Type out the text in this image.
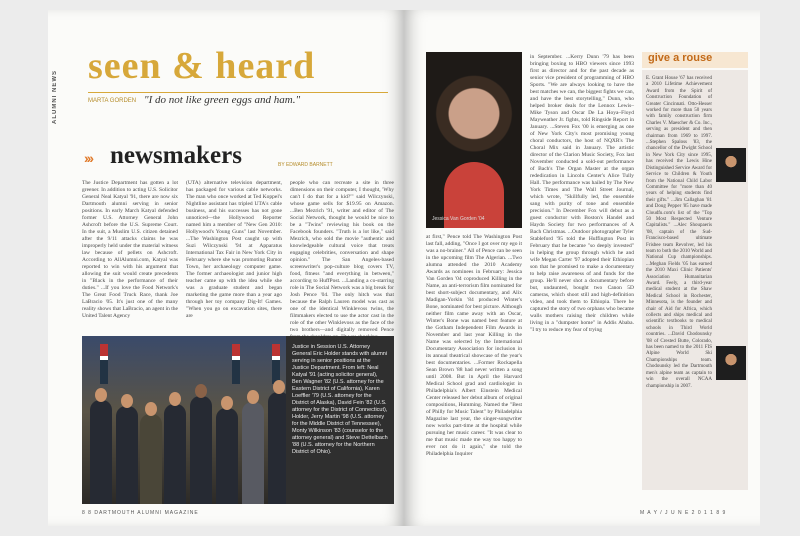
ALUMNI NEWS
seen & heard
MARTA GORDEN "I do not like green eggs and ham."
››› newsmakers	BY EDWARD BARNETT
The Justice Department has gotten a lot greener. In addition to acting U.S. Solicitor General Neal Katyal '91, there are now six Dartmouth alumni serving in senior positions. In early March Katyal defended former U.S. Attorney General John Ashcroft before the U.S. Supreme Court. In the suit, a Muslim U.S. citizen detained after the 9/11 attacks claims he was improperly held under the material witness law because of pellets on Ashcroft. According to AllAlumni.com, Katyal was reported to win with his argument that allowing the suit would create precedents in "Black in the performance of their duties." ...If you love the Food Network's The Great Food Truck Race, thank Joe LaBracio '05. It's just one of the many reality shows that LaBracio, an agent in the United Talent Agency
(UTA) alternative television department, has packaged for various cable networks. The man who once worked at Ted Koppel's Nightline assistant has tripled UTA's cable business, and his successes has not gone unnoticed—the Hollywood Reporter named him a member of "New Gen 2010: Hollywood's Young Guns" last November. ...The Washington Post caught up with Suzi Wilczynski '94 at Apparatus International Tax Fair in New York City in February where she was promoting Rumor Town, her archaeology computer game. The former archaeologist and junior high teacher came up with the idea while she was a graduate student and began marketing the game more than a year ago through her toy company Dig-It! Games. "When you go on excavation sites, there are
people who can recreate a site in three dimensions on their computer, I thought, 'Why can't I do that for a kid?'" said Wilczynski, whose game sells for $19.95 on Amazon. ...Ben Mezrich '91, writer and editor of The Social Network, thought he would be nice to be a "Twins" reviewing his book on the Facebook founders. "Truth is a lot like," said Mezrich, who sold the movie "authentic and knowledgeable cultural voice that treats engaging celebrities, conversation and shape opinion." The San Angeles-based screenwriter's pop-culture blog covers TV, food, fitness "and everything in between," according to HuffPost. ...Landing a co-starring role in The Social Network was a big break for Josh Pence '04. The only hitch was that because the Ralph Lauren model was cast as one of the identical Winklevoss twins, the filmmakers elected to use the actor cast in the role of the other Winklevoss as the face of the two brothers—and digitally removed Pence
Justice in Session U.S. Attorney General Eric Holder stands with alumni serving in senior positions at the Justice Department. From left: Neal Katyal '91 (acting solicitor general), Ben Wagner '82 (U.S. attorney for the Eastern District of California), Karen Loeffler '79 (U.S. attorney for the District of Alaska), David Fein '82 (U.S. attorney for the District of Connecticut), Holder, Jerry Martin '98 (U.S. attorney for the Middle District of Tennessee), Monty Wilkinson '83 (counselor to the attorney general) and Steve Dettelbach '88 (U.S. attorney for the Northern District of Ohio).
8 8 DARTMOUTH ALUMNI MAGAZINE
Jessica Van Gorden '04
at first," Pence told The Washington Post last fall, adding, "Once I got over my ego it was a no-brainer." All of Pence can be seen in the upcoming film The Algerian. ...Two alumna attended the 2010 Academy Awards as nominees in February: Jessica Van Gorden '04 coproduced Killing in the Name, an anti-terrorism film nominated for best short-subject documentary, and Alix Madigan-Yorkin '84 produced Winter's Bone, nominated for best picture. Although neither film came away with an Oscar, Winter's Bone was named best feature at the Gotham Independent Film Awards in November and last year Killing in the Name was selected by the International Documentary Association for inclusion in its annual theatrical showcase of the year's best documentaries. ...Former Rockapella Sean Brown '88 had never written a song until 2008. But in April the Harvard Medical School grad and cardiologist in Philadelphia's Albert Einstein Medical Center released her debut album of original compositions, Humming. Named the "Best of Philly for Music Talent" by Philadelphia Magazine last year, the singer-songwriter now works part-time at the hospital while pursuing her music career. "It was clear to me that music made me way too happy to ever not do it again," she told the Philadelphia Inquirer
in September. ...Kerry Dunn '79 has been bringing boxing to HBO viewers since 1993 first as director and for the past decade as senior vice president of programming of HBO Sports. "We are always looking to have the best matches we can, the biggest fights we can, and have the best storytelling," Dunn, who helped broker deals for the Lennox Lewis–Mike Tyson and Oscar De La Hoya–Floyd Mayweather Jr. fights, told Ringside Report in January. ...Steven Fox '00 is emerging as one of New York City's most promising young choral conductors, the host of NQXR's The Choral Mix said in January. The artistic director of the Clarion Music Society, Fox last November conducted a sold-out performance of Bach's The Organ Master at the organ rededication in Lincoln Center's Alice Tully Hall. The performance was hailed by The New York Times and The Wall Street Journal, which wrote, "Skillfully led, the ensemble sang with purity of tone and ensemble precision." In December Fox will debut as a guest conductor with Boston's Handel and Haydn Society for two performances of A Bach Christmas. ...Outdoor photographer Tyler Stableford '95 told the Huffington Post in February that he became "so deeply invested" in helping the group through which he and wife Megan Carter '97 adopted their Ethiopian son that he promised to make a documentary to help raise awareness of and funds for the group. He'll never shot a documentary before but, undaunted, bought two Canon 5D cameras, which shoot still and high-definition video, and took them to Ethiopia. There he captured the story of two orphans who became walls mothers raising their children while living in a "dumpster home" in Addis Ababa. "I try to reduce my fear of trying
E. Grant House '67 has received a 2010 Lifetime Achievement Award from the Spirit of Construction Foundation of Greater Cincinnati. Otto-Hesser worked for more than 50 years with family construction firm Charles V. Maescher & Co. Inc., serving as president and then chairman from 1969 to 1997. ...Stephen Spaloss '83, the chancellor of the Dwight School in New York City since 1995, has received the Lewis Hine Distinguished Service Award for Service to Children & Youth from the National Child Labor Committee for "more than 40 years of helping students find their gifts." ...Jim Callaghan '81 and Doug Pepper '85 have made Cloudfu.com's list of the "Top 50 Most Respected Venture Capitalists." ...Alec Shoupaeris '08, captain of the Sud-Francisco-based ultimate Frisbee team Revolver, led his team to both the 2010 World and National Cup championships. ...Meghan Fields '05 has earned the 2010 Maxi Clinic Patients' Association Humanitarian Award. Feely, a third-year medical student at the Shaw Medical School in Rochester, Minnesota, is the founder and chair of Aid for Africa, which collects and ships medical and scientific textbooks to medical schools in Third World countries. ...David Chodounsky '08 of Crested Butte, Colorado, has been named to the 2011 FIS Alpine World Ski Championships team. Chodounsky led the Dartmouth men's alpine team as captain to win the overall NCAA championship in 2007.
give a rouse
M A Y / J U N E 2 0 1 1 8 9
